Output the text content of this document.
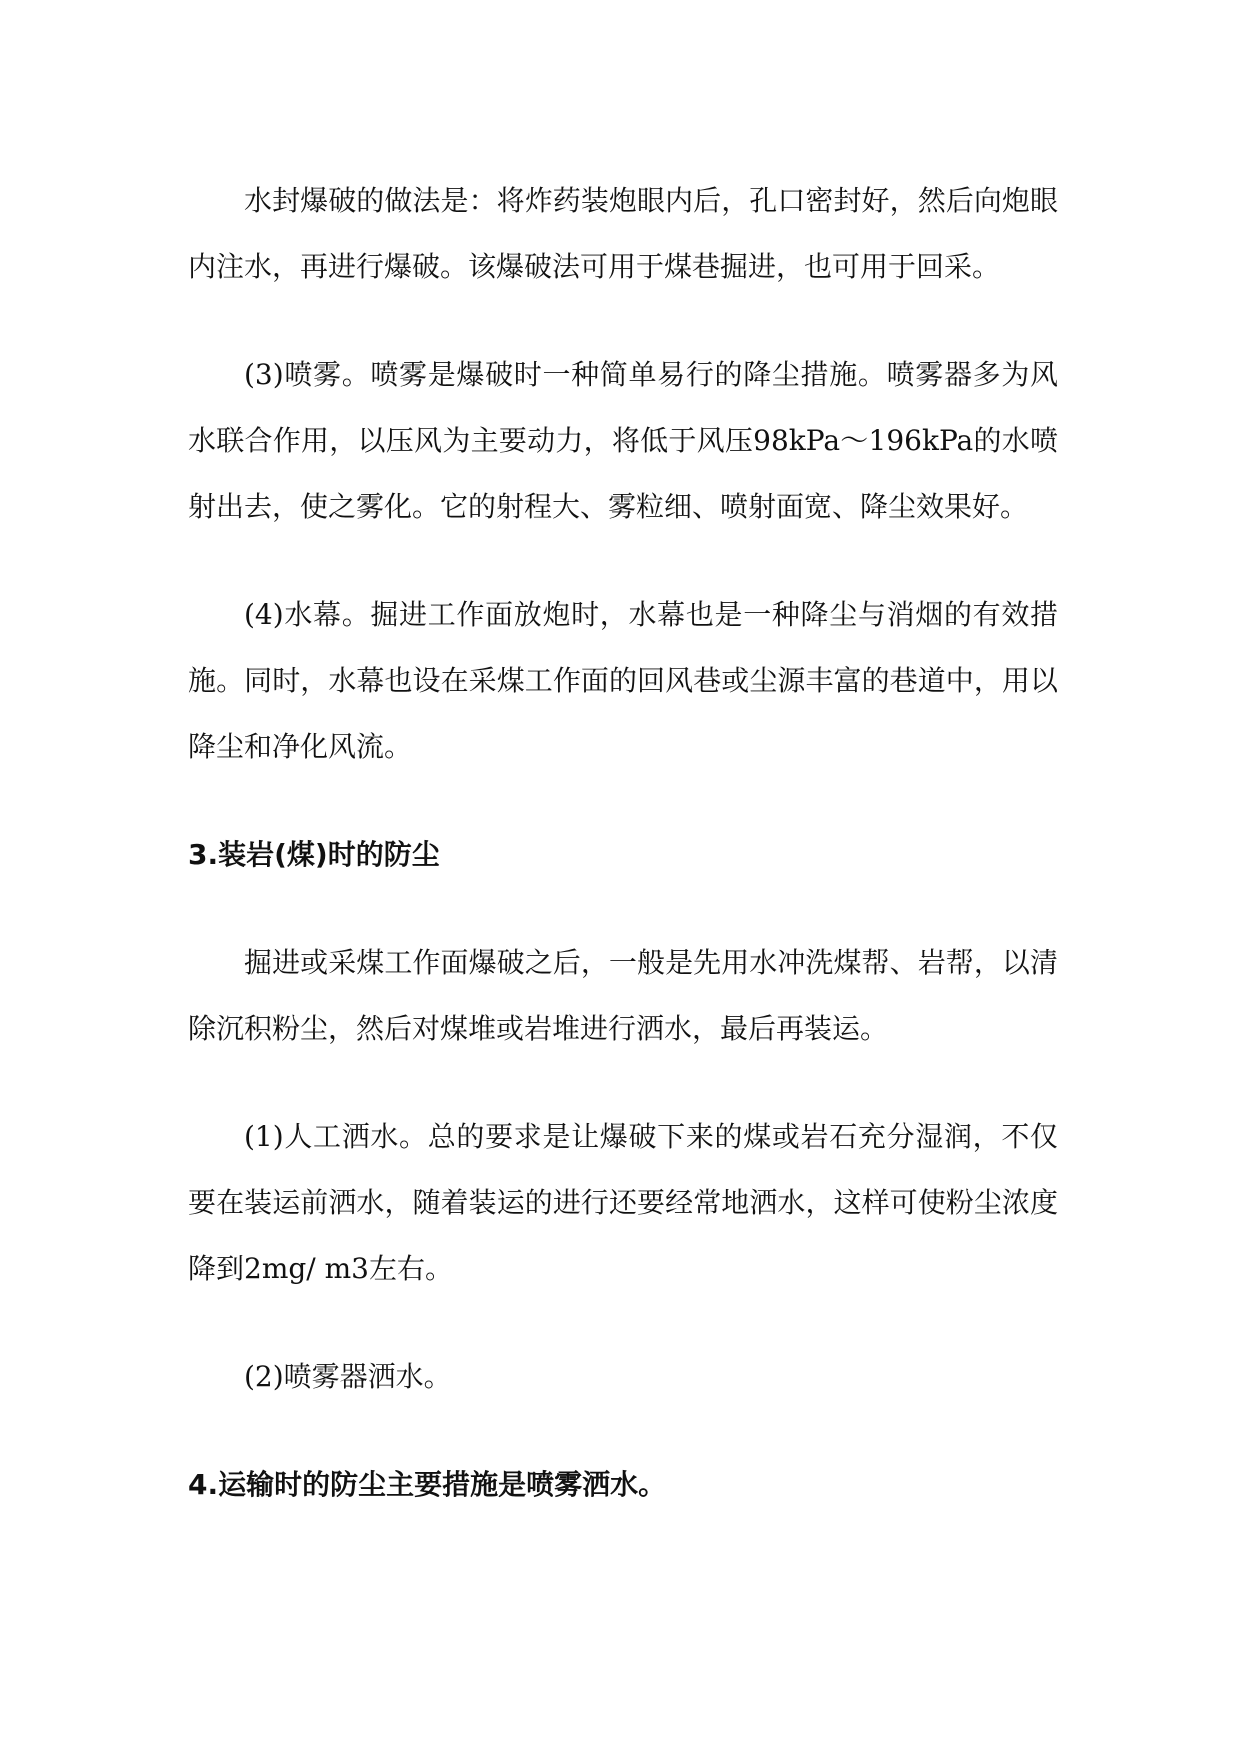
水封爆破的做法是：将炸药装炮眼内后，孔口密封好，然后向炮眼内注水，再进行爆破。该爆破法可用于煤巷掘进，也可用于回采。

(3)喷雾。喷雾是爆破时一种简单易行的降尘措施。喷雾器多为风水联合作用，以压风为主要动力，将低于风压98kPa～196kPa的水喷射出去，使之雾化。它的射程大、雾粒细、喷射面宽、降尘效果好。

(4)水幕。掘进工作面放炮时，水幕也是一种降尘与消烟的有效措施。同时，水幕也设在采煤工作面的回风巷或尘源丰富的巷道中，用以降尘和净化风流。

3.装岩(煤)时的防尘

掘进或采煤工作面爆破之后，一般是先用水冲洗煤帮、岩帮，以清除沉积粉尘，然后对煤堆或岩堆进行洒水，最后再装运。

(1)人工洒水。总的要求是让爆破下来的煤或岩石充分湿润，不仅要在装运前洒水，随着装运的进行还要经常地洒水，这样可使粉尘浓度降到2mg/ m3左右。

(2)喷雾器洒水。

4.运输时的防尘主要措施是喷雾洒水。
